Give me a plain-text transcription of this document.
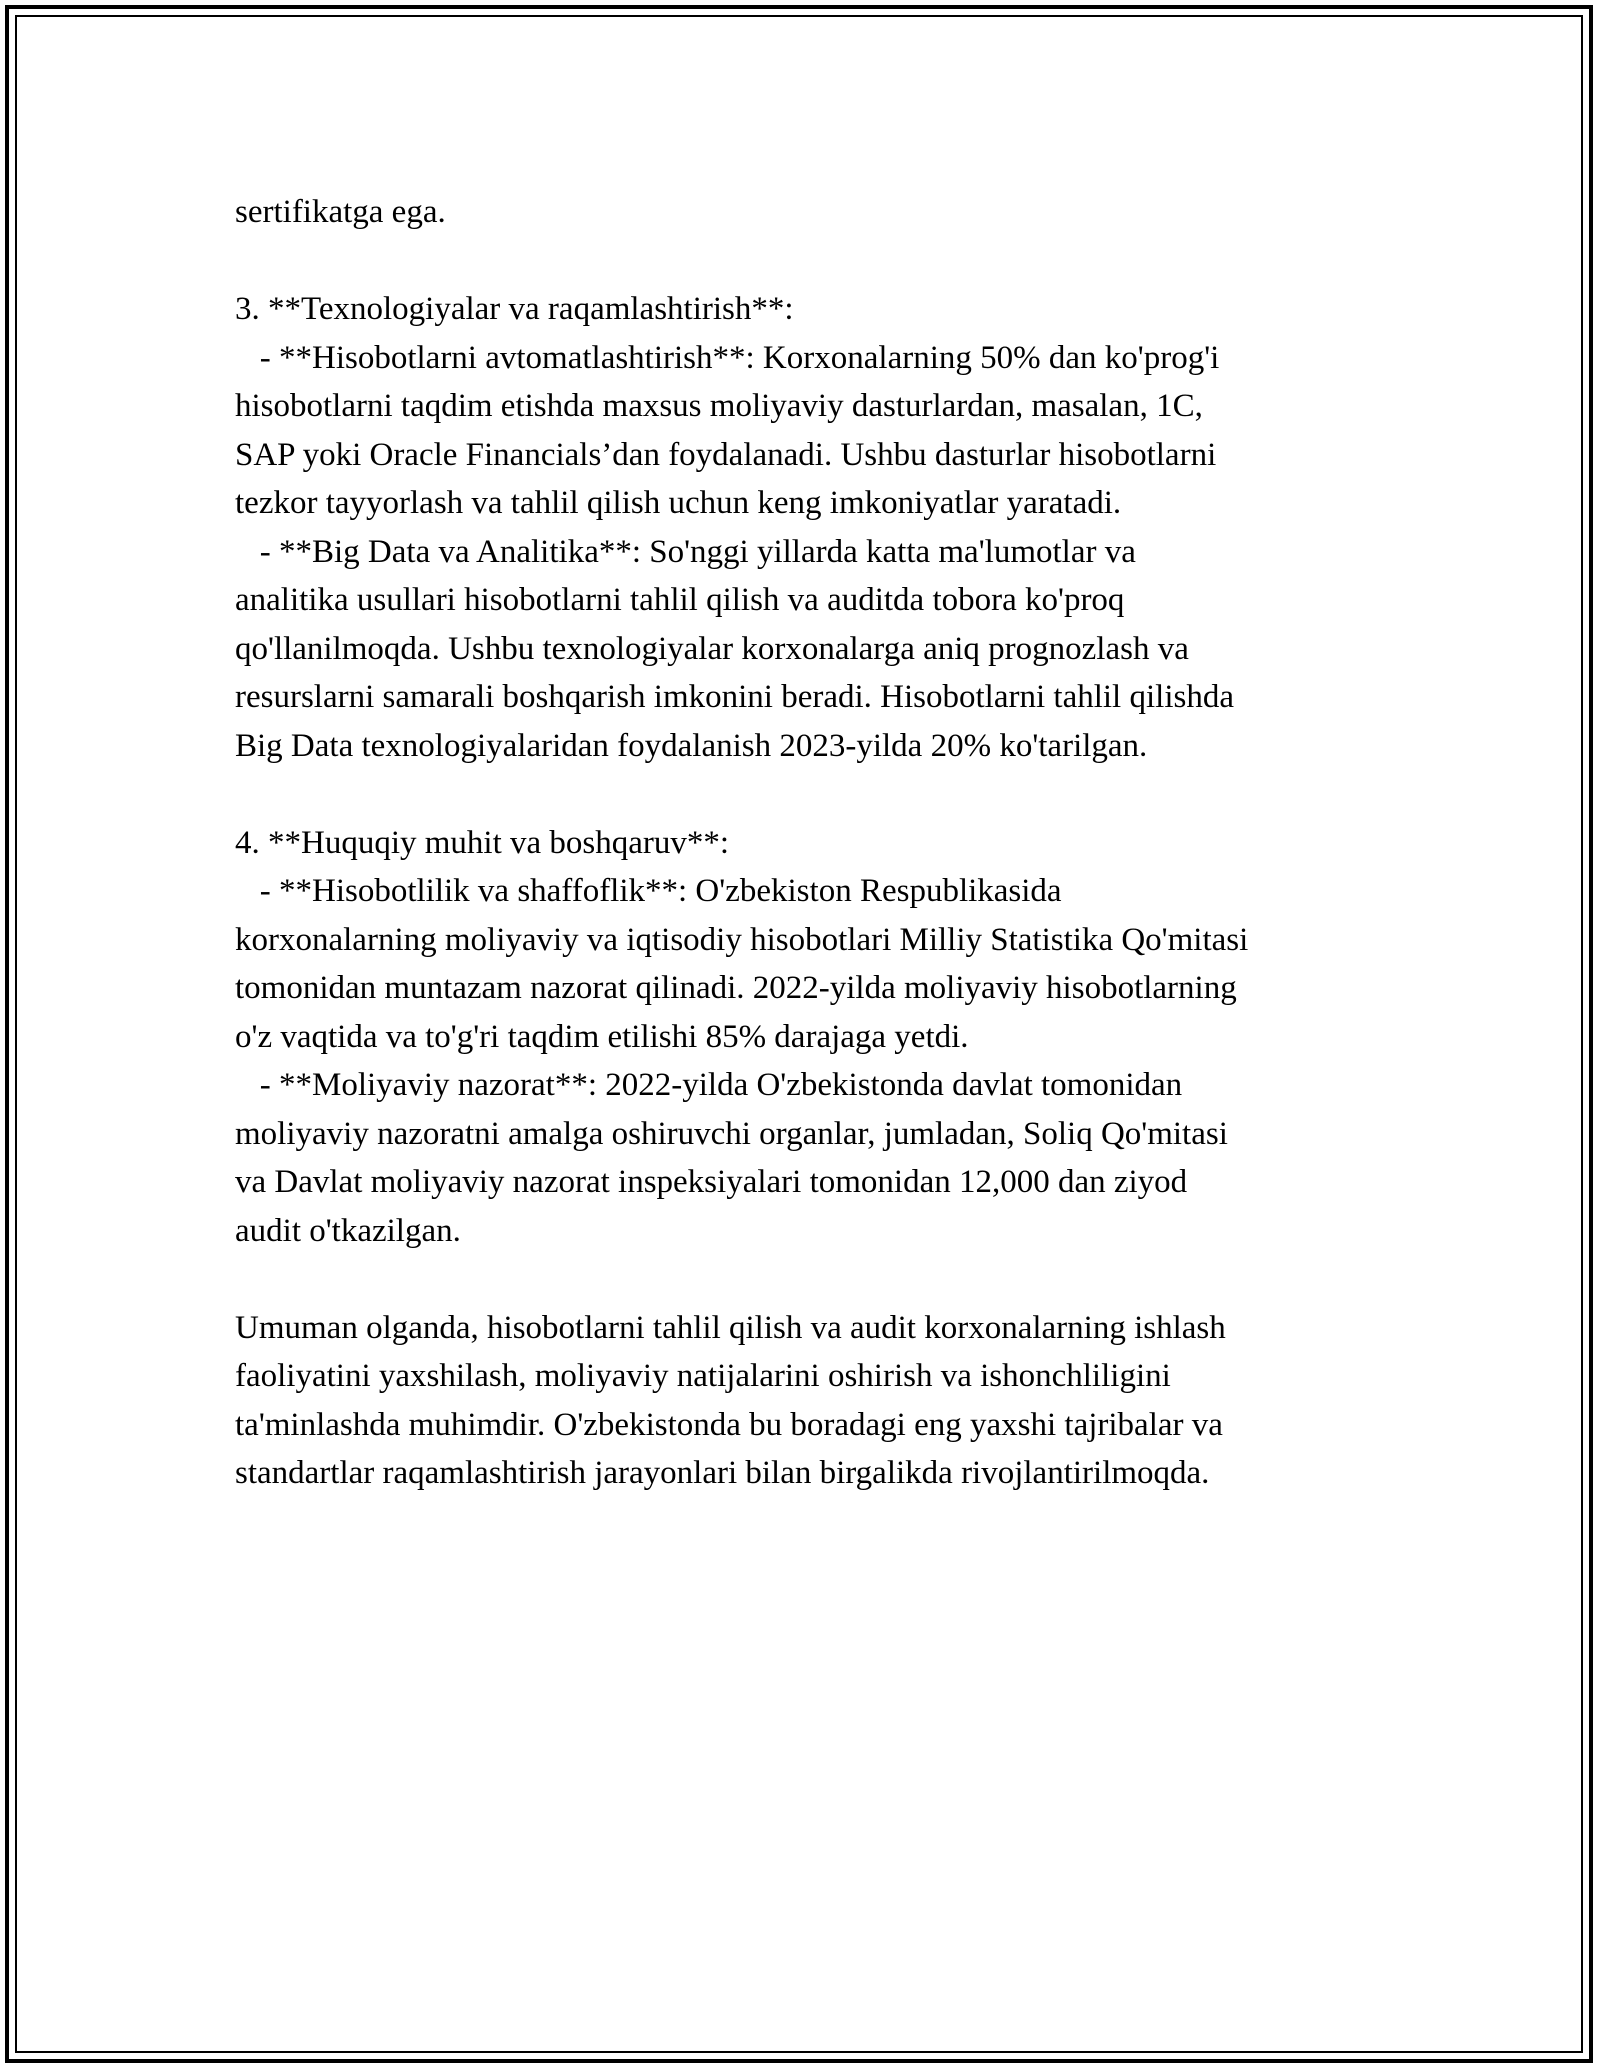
sertifikatga ega.
3. **Texnologiyalar va raqamlashtirish**:
- **Hisobotlarni avtomatlashtirish**: Korxonalarning 50% dan ko'prog'i
hisobotlarni taqdim etishda maxsus moliyaviy dasturlardan, masalan, 1C,
SAP yoki Oracle Financials’dan foydalanadi. Ushbu dasturlar hisobotlarni
tezkor tayyorlash va tahlil qilish uchun keng imkoniyatlar yaratadi.
- **Big Data va Analitika**: So'nggi yillarda katta ma'lumotlar va
analitika usullari hisobotlarni tahlil qilish va auditda tobora ko'proq
qo'llanilmoqda. Ushbu texnologiyalar korxonalarga aniq prognozlash va
resurslarni samarali boshqarish imkonini beradi. Hisobotlarni tahlil qilishda
Big Data texnologiyalaridan foydalanish 2023-yilda 20% ko'tarilgan.
4. **Huquqiy muhit va boshqaruv**:
- **Hisobotlilik va shaffoflik**: O'zbekiston Respublikasida
korxonalarning moliyaviy va iqtisodiy hisobotlari Milliy Statistika Qo'mitasi
tomonidan muntazam nazorat qilinadi. 2022-yilda moliyaviy hisobotlarning
o'z vaqtida va to'g'ri taqdim etilishi 85% darajaga yetdi.
- **Moliyaviy nazorat**: 2022-yilda O'zbekistonda davlat tomonidan
moliyaviy nazoratni amalga oshiruvchi organlar, jumladan, Soliq Qo'mitasi
va Davlat moliyaviy nazorat inspeksiyalari tomonidan 12,000 dan ziyod
audit o'tkazilgan.
Umuman olganda, hisobotlarni tahlil qilish va audit korxonalarning ishlash
faoliyatini yaxshilash, moliyaviy natijalarini oshirish va ishonchliligini
ta'minlashda muhimdir. O'zbekistonda bu boradagi eng yaxshi tajribalar va
standartlar raqamlashtirish jarayonlari bilan birgalikda rivojlantirilmoqda.
